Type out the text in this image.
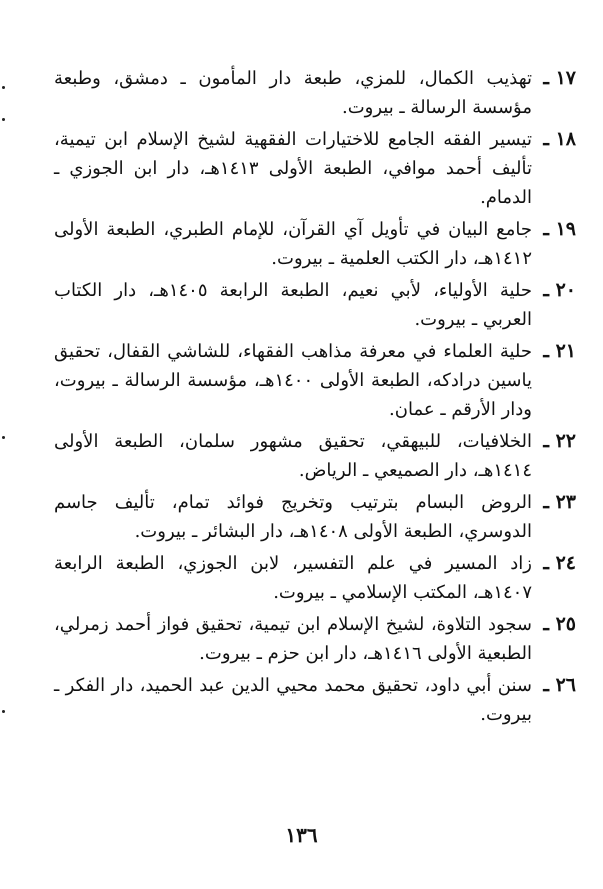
١٧ ـ

تهذيب الكمال، للمزي، طبعة دار المأمون ـ دمشق، وطبعة مؤسسة الرسالة ـ بيروت.

١٨ ـ

تيسير الفقه الجامع للاختيارات الفقهية لشيخ الإسلام ابن تيمية، تأليف أحمد موافي، الطبعة الأولى ١٤١٣هـ، دار ابن الجوزي ـ الدمام.

١٩ ـ

جامع البيان في تأويل آي القرآن، للإمام الطبري، الطبعة الأولى ١٤١٢هـ، دار الكتب العلمية ـ بيروت.

٢٠ ـ

حلية الأولياء، لأبي نعيم، الطبعة الرابعة ١٤٠٥هـ، دار الكتاب العربي ـ بيروت.

٢١ ـ

حلية العلماء في معرفة مذاهب الفقهاء، للشاشي القفال، تحقيق ياسين درادكه، الطبعة الأولى ١٤٠٠هـ، مؤسسة الرسالة ـ بيروت، ودار الأرقم ـ عمان.

٢٢ ـ

الخلافيات، للبيهقي، تحقيق مشهور سلمان، الطبعة الأولى ١٤١٤هـ، دار الصميعي ـ الرياض.

٢٣ ـ

الروض البسام بترتيب وتخريج فوائد تمام، تأليف جاسم الدوسري، الطبعة الأولى ١٤٠٨هـ، دار البشائر ـ بيروت.

٢٤ ـ

زاد المسير في علم التفسير، لابن الجوزي، الطبعة الرابعة ١٤٠٧هـ، المكتب الإسلامي ـ بيروت.

٢٥ ـ

سجود التلاوة، لشيخ الإسلام ابن تيمية، تحقيق فواز أحمد زمرلي، الطبعية الأولى ١٤١٦هـ، دار ابن حزم ـ بيروت.

٢٦ ـ

سنن أبي داود، تحقيق محمد محيي الدين عبد الحميد، دار الفكر ـ بيروت.

١٣٦
